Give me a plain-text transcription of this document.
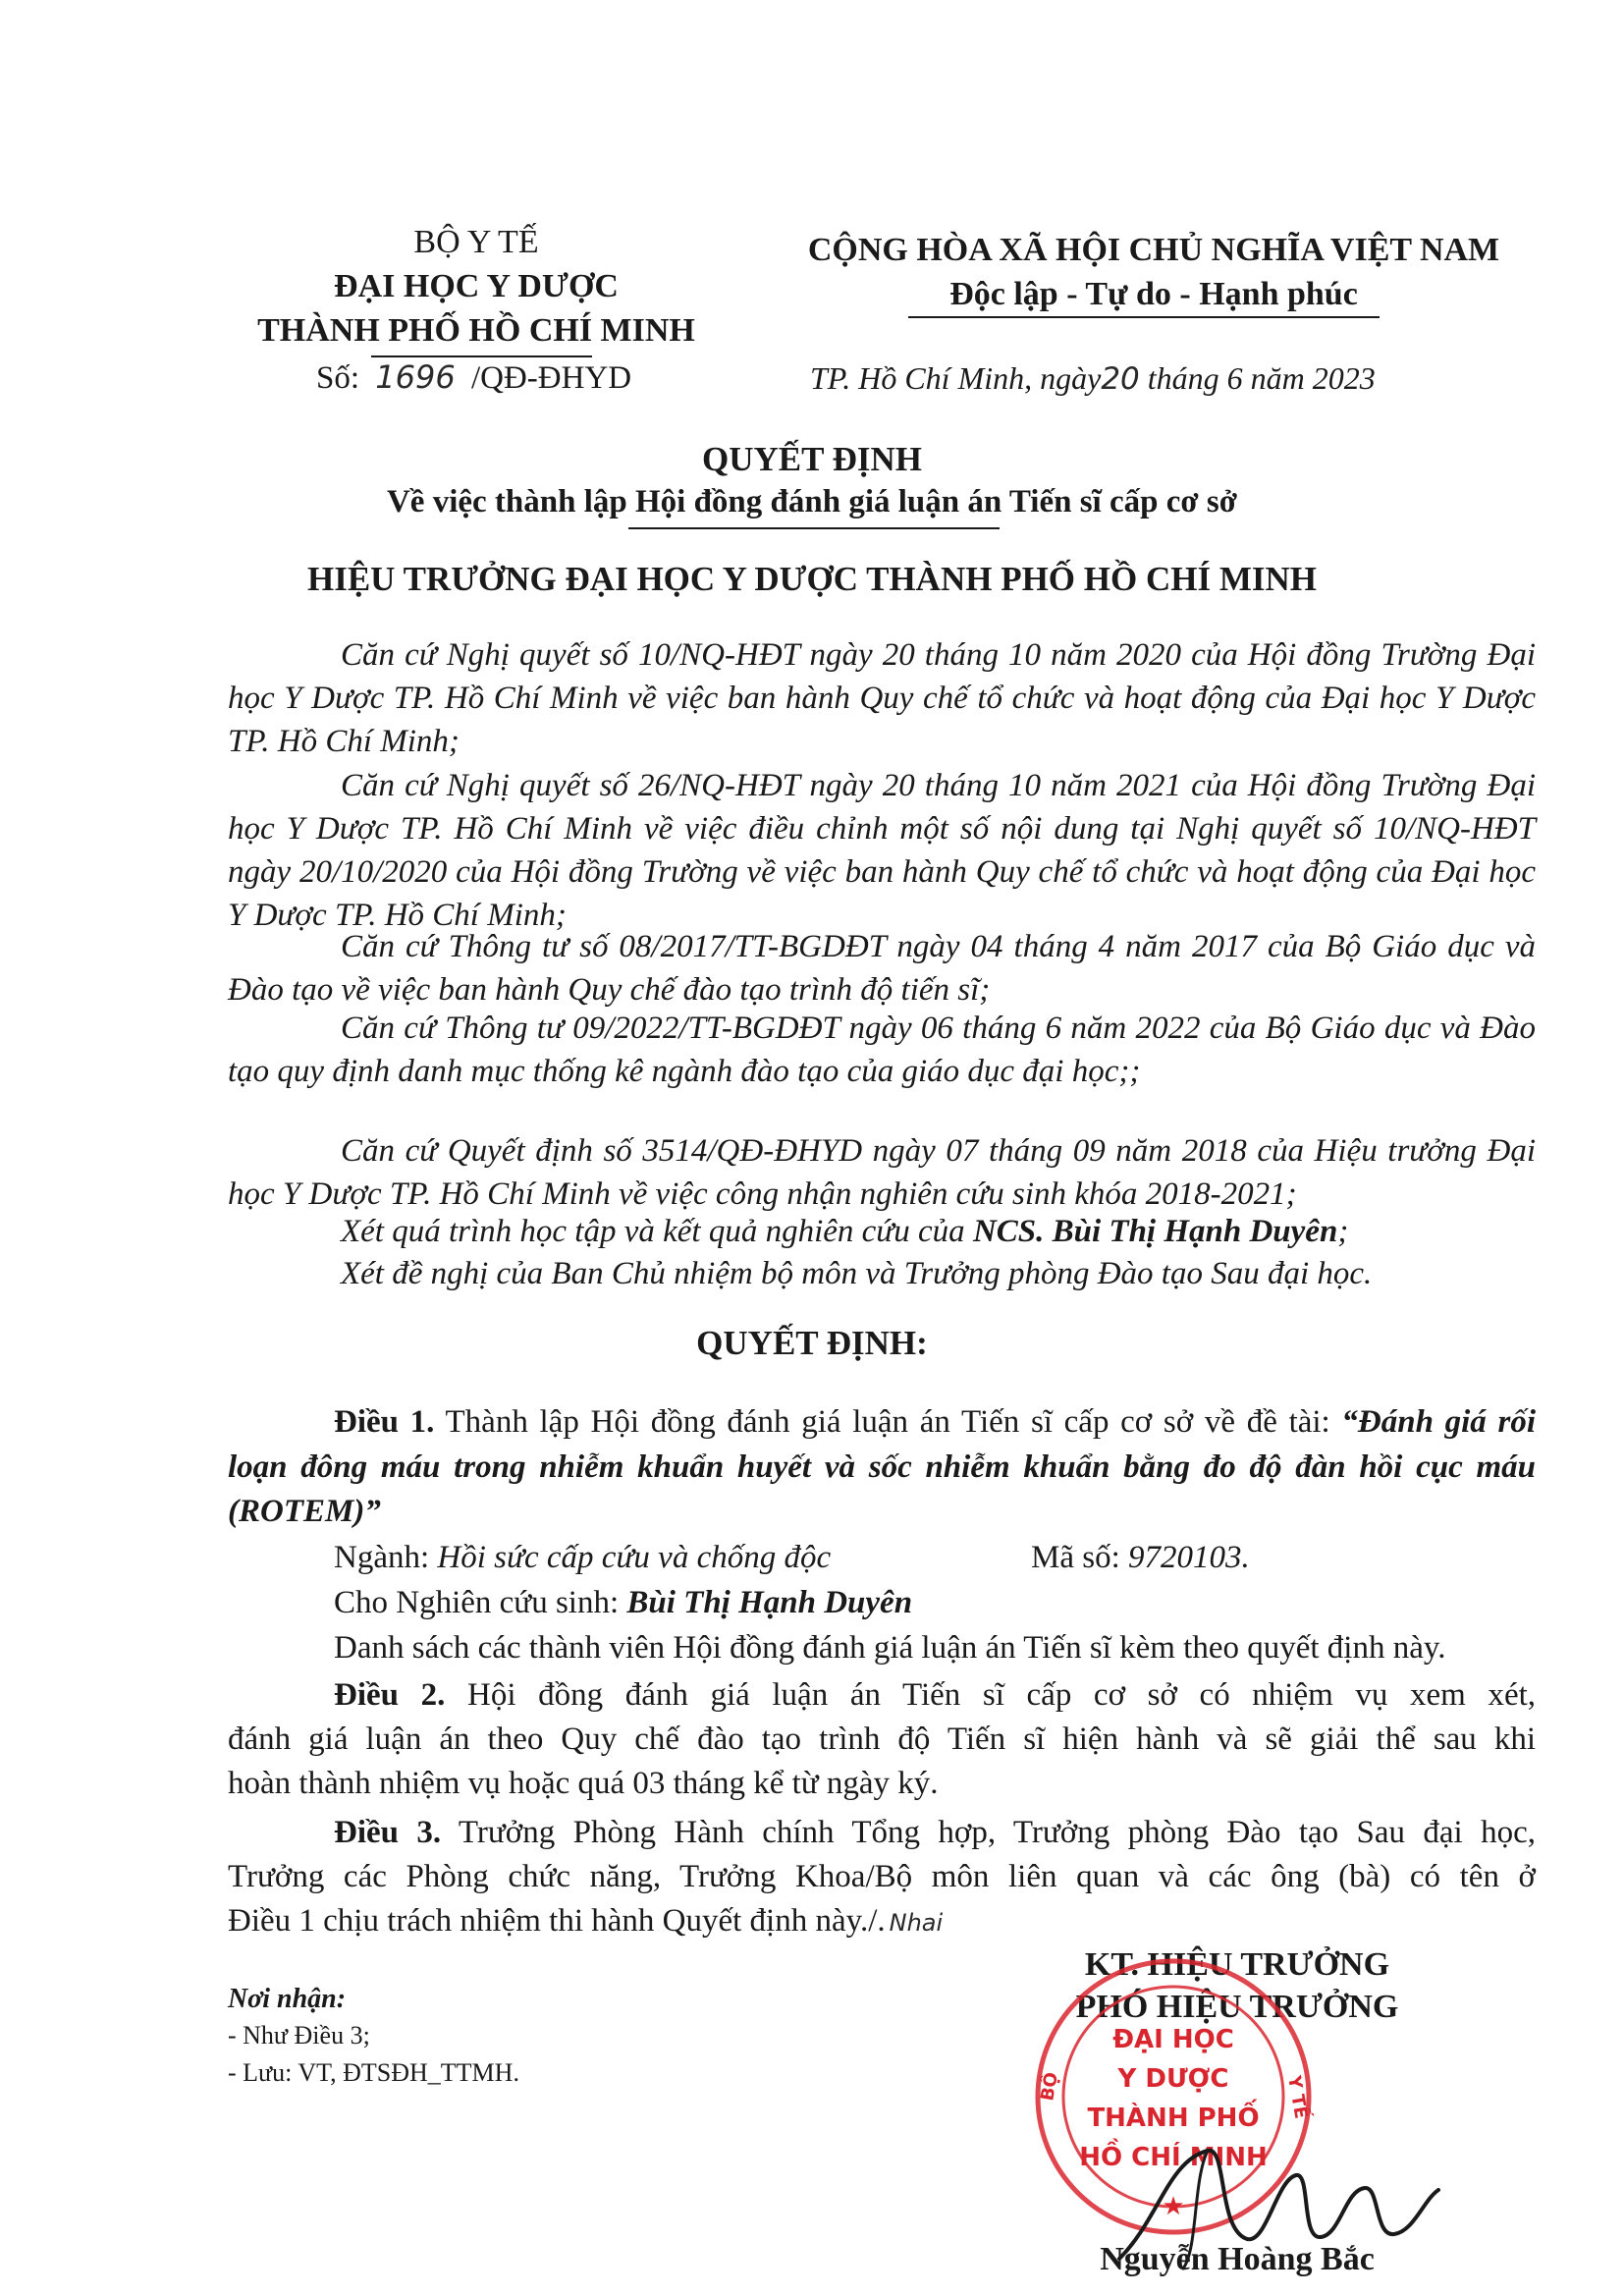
BỘ Y TẾ
ĐẠI HỌC Y DƯỢC
THÀNH PHỐ HỒ CHÍ MINH
Số: 1696 /QĐ-ĐHYD
CỘNG HÒA XÃ HỘI CHỦ NGHĨA VIỆT NAM
Độc lập - Tự do - Hạnh phúc
TP. Hồ Chí Minh, ngày20 tháng 6 năm 2023
QUYẾT ĐỊNH
Về việc thành lập Hội đồng đánh giá luận án Tiến sĩ cấp cơ sở
HIỆU TRƯỞNG ĐẠI HỌC Y DƯỢC THÀNH PHỐ HỒ CHÍ MINH
Căn cứ Nghị quyết số 10/NQ-HĐT ngày 20 tháng 10 năm 2020 của Hội đồng Trường Đại học Y Dược TP. Hồ Chí Minh về việc ban hành Quy chế tổ chức và hoạt động của Đại học Y Dược TP. Hồ Chí Minh;
Căn cứ Nghị quyết số 26/NQ-HĐT ngày 20 tháng 10 năm 2021 của Hội đồng Trường Đại học Y Dược TP. Hồ Chí Minh về việc điều chỉnh một số nội dung tại Nghị quyết số 10/NQ-HĐT ngày 20/10/2020 của Hội đồng Trường về việc ban hành Quy chế tổ chức và hoạt động của Đại học Y Dược TP. Hồ Chí Minh;
Căn cứ Thông tư số 08/2017/TT-BGDĐT ngày 04 tháng 4 năm 2017 của Bộ Giáo dục và Đào tạo về việc ban hành Quy chế đào tạo trình độ tiến sĩ;
Căn cứ Thông tư 09/2022/TT-BGDĐT ngày 06 tháng 6 năm 2022 của Bộ Giáo dục và Đào tạo quy định danh mục thống kê ngành đào tạo của giáo dục đại học;;
Căn cứ Quyết định số 3514/QĐ-ĐHYD ngày 07 tháng 09 năm 2018 của Hiệu trưởng Đại học Y Dược TP. Hồ Chí Minh về việc công nhận nghiên cứu sinh khóa 2018-2021;
Xét quá trình học tập và kết quả nghiên cứu của NCS. Bùi Thị Hạnh Duyên;
Xét đề nghị của Ban Chủ nhiệm bộ môn và Trưởng phòng Đào tạo Sau đại học.
QUYẾT ĐỊNH:
Điều 1. Thành lập Hội đồng đánh giá luận án Tiến sĩ cấp cơ sở về đề tài: “Đánh giá rối
loạn đông máu trong nhiễm khuẩn huyết và sốc nhiễm khuẩn bằng đo độ đàn hồi cục máu
(ROTEM)”
Ngành: Hồi sức cấp cứu và chống độc	Mã số: 9720103.
Cho Nghiên cứu sinh: Bùi Thị Hạnh Duyên
Danh sách các thành viên Hội đồng đánh giá luận án Tiến sĩ kèm theo quyết định này.
Điều 2. Hội đồng đánh giá luận án Tiến sĩ cấp cơ sở có nhiệm vụ xem xét,
đánh giá luận án theo Quy chế đào tạo trình độ Tiến sĩ hiện hành và sẽ giải thể sau khi
hoàn thành nhiệm vụ hoặc quá 03 tháng kể từ ngày ký.
Điều 3. Trưởng Phòng Hành chính Tổng hợp, Trưởng phòng Đào tạo Sau đại học,
Trưởng các Phòng chức năng, Trưởng Khoa/Bộ môn liên quan và các ông (bà) có tên ở
Điều 1 chịu trách nhiệm thi hành Quyết định này./. Nhai
Nơi nhận:
- Như Điều 3;
- Lưu: VT, ĐTSĐH_TTMH.
KT. HIỆU TRƯỞNG
PHÓ HIỆU TRƯỞNG
BỘ	Y TẾ
ĐẠI HỌC
Y DƯỢC
THÀNH PHỐ
HỒ CHÍ MINH
★
Nguyễn Hoàng Bắc
